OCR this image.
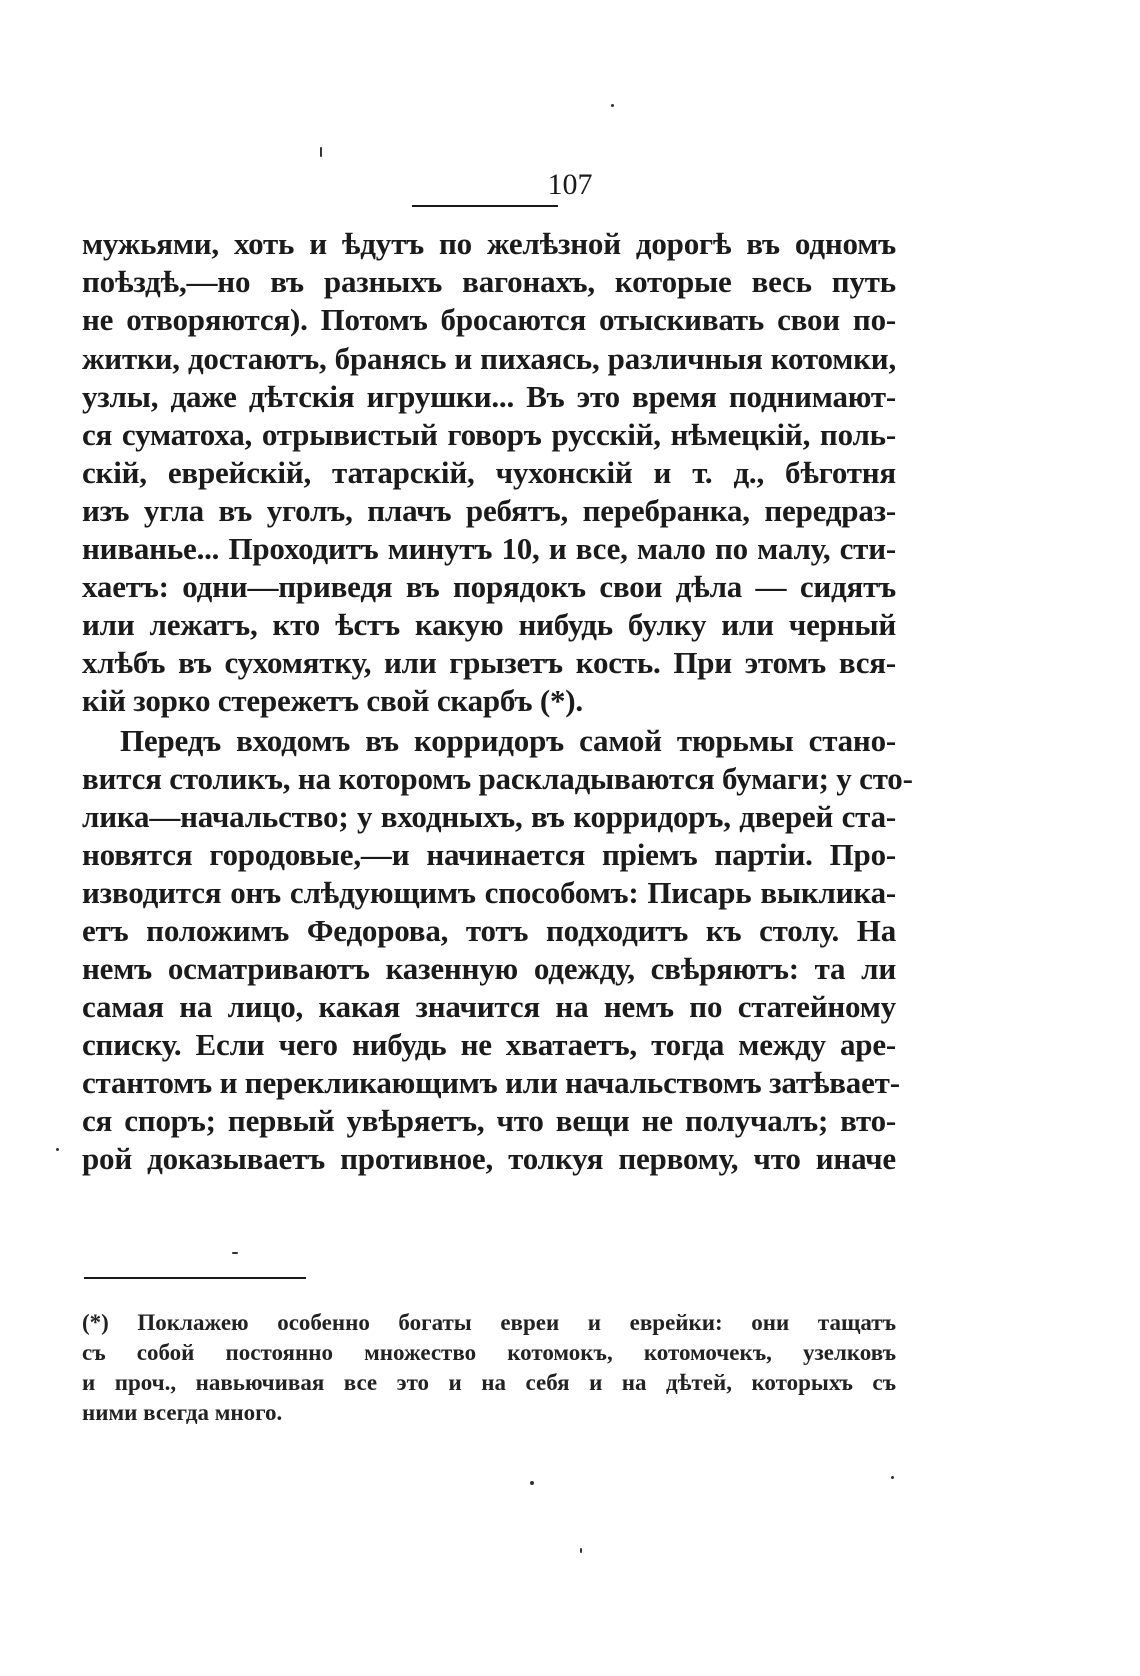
107
мужьями, хоть и ѣдутъ по желѣзной дорогѣ въ одномъ
поѣздѣ,—но въ разныхъ вагонахъ, которые весь путь
не отворяются). Потомъ бросаются отыскивать свои по-
житки, достаютъ, бранясь и пихаясь, различныя котомки,
узлы, даже дѣтскія игрушки... Въ это время поднимают-
ся суматоха, отрывистый говоръ русскій, нѣмецкій, поль-
скій, еврейскій, татарскій, чухонскій и т. д., бѣготня
изъ угла въ уголъ, плачъ ребятъ, перебранка, передраз-
ниванье... Проходитъ минутъ 10, и все, мало по малу, сти-
хаетъ: одни—приведя въ порядокъ свои дѣла — сидятъ
или лежатъ, кто ѣстъ какую нибудь булку или черный
хлѣбъ въ сухомятку, или грызетъ кость. При этомъ вся-
кій зорко стережетъ свой скарбъ (*).
Передъ входомъ въ корридоръ самой тюрьмы стано-
вится столикъ, на которомъ раскладываются бумаги; у сто-
лика—начальство; у входныхъ, въ корридоръ, дверей ста-
новятся городовые,—и начинается пріемъ партіи. Про-
изводится онъ слѣдующимъ способомъ: Писарь выклика-
етъ положимъ Федорова, тотъ подходитъ къ столу. На
немъ осматриваютъ казенную одежду, свѣряютъ: та ли
самая на лицо, какая значится на немъ по статейному
списку. Если чего нибудь не хватаетъ, тогда между аре-
стантомъ и перекликающимъ или начальствомъ затѣвает-
ся споръ; первый увѣряетъ, что вещи не получалъ; вто-
рой доказываетъ противное, толкуя первому, что иначе
(*) Поклажею особенно богаты евреи и еврейки: они тащатъ
съ собой постоянно множество котомокъ, котомочекъ, узелковъ
и проч., навьючивая все это и на себя и на дѣтей, которыхъ съ
ними всегда много.
